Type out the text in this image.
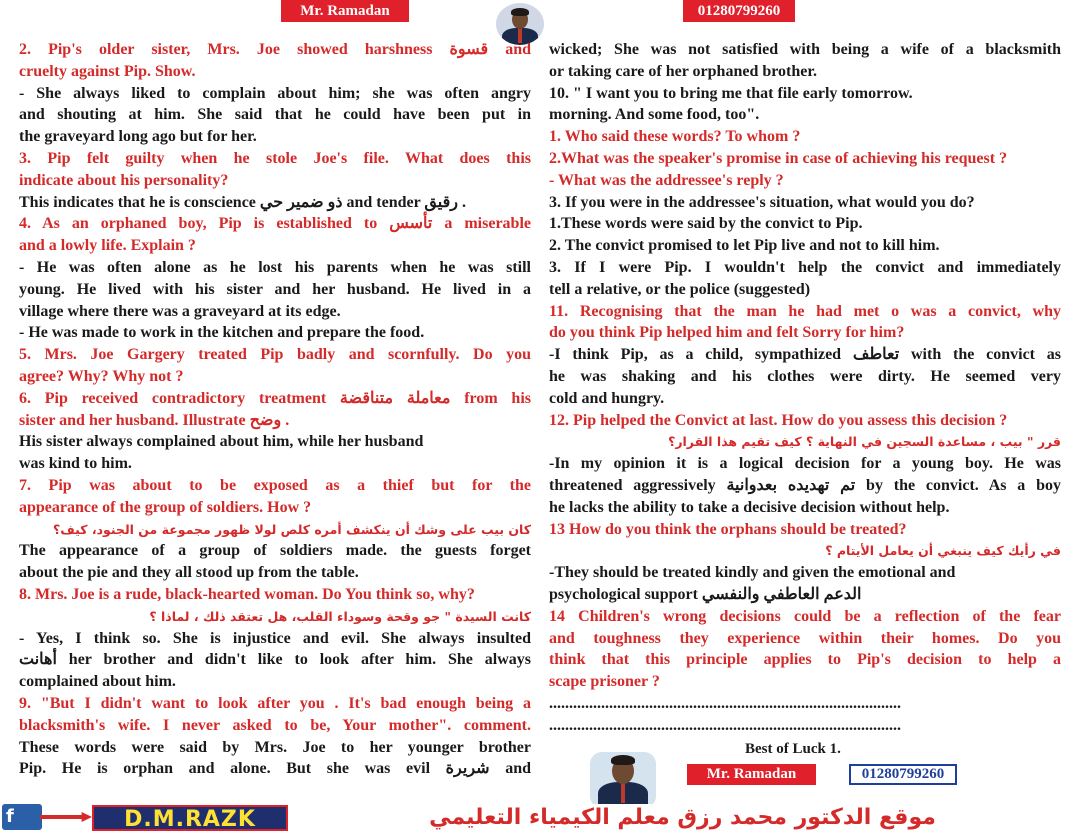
Mr. Ramadan	01280799260

2. Pip's older sister, Mrs. Joe showed harshness قسوة and

cruelty against Pip. Show.

- She always liked to complain about him; she was often angry

and shouting at him. She said that he could have been put in

the graveyard long ago but for her.

3. Pip felt guilty when he stole Joe's file. What does this

indicate about his personality?

This indicates that he is conscience ذو ضمير حي and tender رقيق .

4. As an orphaned boy, Pip is established to تأسس a miserable

and a lowly life. Explain ?

- He was often alone as he lost his parents when he was still

young. He lived with his sister and her husband. He lived in a

village where there was a graveyard at its edge.

- He was made to work in the kitchen and prepare the food.

5. Mrs. Joe Gargery treated Pip badly and scornfully. Do you

agree? Why? Why not ?

6. Pip received contradictory treatment معاملة متناقضة from his

sister and her husband. Illustrate وضح .

His sister always complained about him, while her husband

was kind to him.

7. Pip was about to be exposed as a thief but for the

appearance of the group of soldiers. How ?

كان بيب على وشك أن ينكشف أمره كلص لولا ظهور مجموعة من الجنود، كيف؟

The appearance of a group of soldiers made. the guests forget

about the pie and they all stood up from the table.

8. Mrs. Joe is a rude, black-hearted woman. Do You think so, why?

كانت السيدة " جو وقحة وسوداء القلب، هل تعتقد ذلك ، لماذا ؟

- Yes, I think so. She is injustice and evil. She always insulted

أهانت her brother and didn't like to look after him. She always

complained about him.

9. "But I didn't want to look after you . It's bad enough being a

blacksmith's wife. I never asked to be, Your mother". comment.

These words were said by Mrs. Joe to her younger brother

Pip. He is orphan and alone. But she was evil شريرة and

wicked; She was not satisfied with being a wife of a blacksmith

or taking care of her orphaned brother.

10. " I want you to bring me that file early tomorrow.

morning. And some food, too".

1. Who said these words? To whom ?

2.What was the speaker's promise in case of achieving his request ?

- What was the addressee's reply ?

3. If you were in the addressee's situation, what would you do?

1.These words were said by the convict to Pip.

2. The convict promised to let Pip live and not to kill him.

3. If I were Pip. I wouldn't help the convict and immediately

tell a relative, or the police (suggested)

11. Recognising that the man he had met o was a convict, why

do you think Pip helped him and felt Sorry for him?

-I think Pip, as a child, sympathized تعاطف with the convict as

he was shaking and his clothes were dirty. He seemed very

cold and hungry.

12. Pip helped the Convict at last. How do you assess this decision ?

قرر " بيب ، مساعدة السجين في النهاية ؟ كيف تقيم هذا القرار؟

-In my opinion it is a logical decision for a young boy. He was

threatened aggressively تم تهديده بعدوانية by the convict. As a boy

he lacks the ability to take a decisive decision without help.

13 How do you think the orphans should be treated?

في رأيك كيف ينبغي أن يعامل الأيتام ؟

-They should be treated kindly and given the emotional and

psychological support الدعم العاطفي والنفسي

14 Children's wrong decisions could be a reflection of the fear

and toughness they experience within their homes. Do you

think that this principle applies to Pip's decision to help a

scape prisoner ?

........................................................................................

........................................................................................

Best of Luck 1.
Mr. Ramadan	01280799260
f	D.M.RAZK	موقع الدكتور محمد رزق معلم الكيمياء التعليمي
